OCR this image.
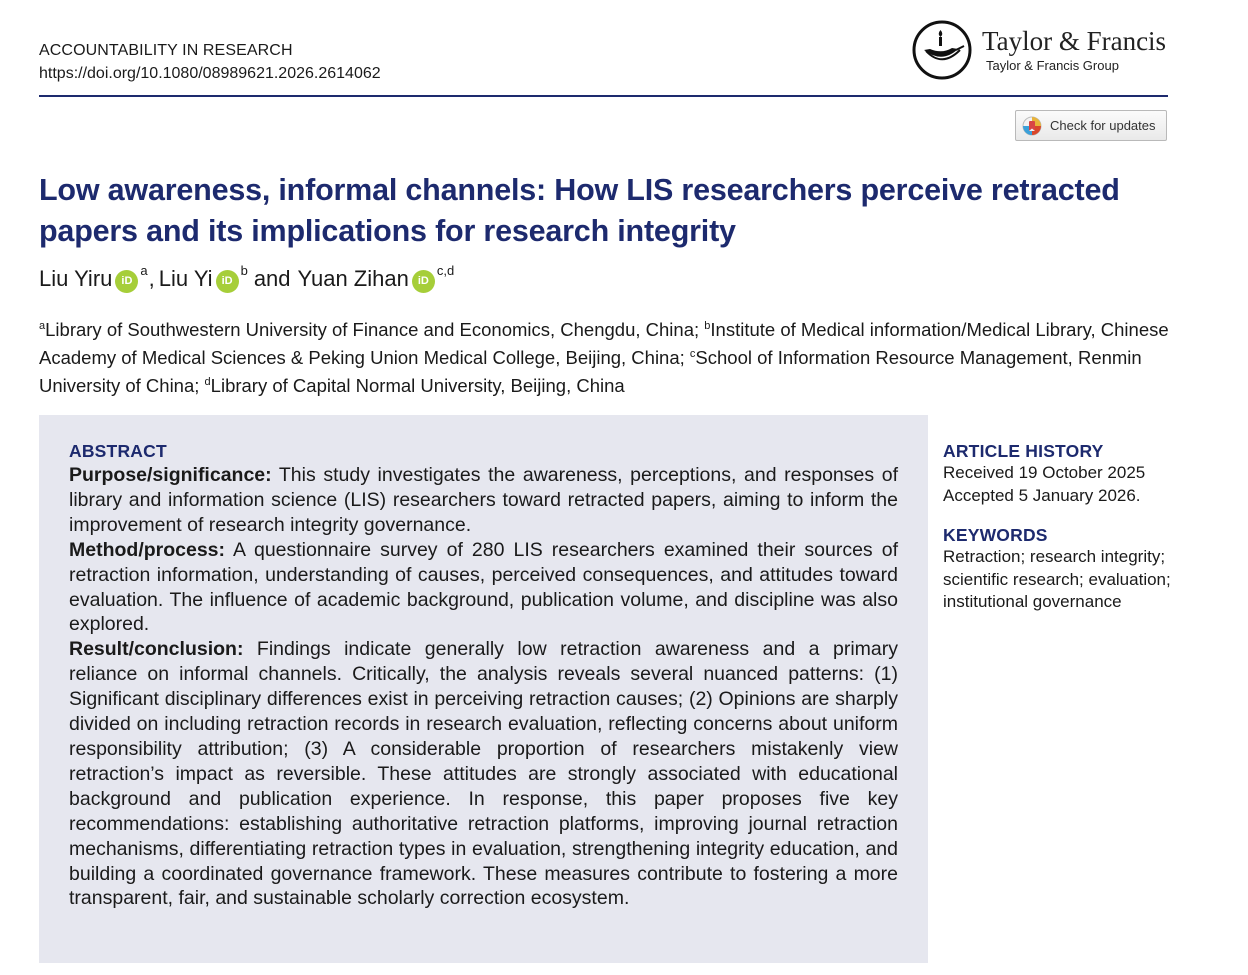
ACCOUNTABILITY IN RESEARCH
https://doi.org/10.1080/08989621.2026.2614062
Taylor & Francis
Taylor & Francis Group
Check for updates
Low awareness, informal channels: How LIS researchers perceive retracted papers and its implications for research integrity
Liu Yiru iD
a , Liu Yi iD
b and Yuan Zihan iD
c,d
$^a$Library of Southwestern University of Finance and Economics, Chengdu, China; $^b$Institute of Medical information/Medical Library, Chinese Academy of Medical Sciences & Peking Union Medical College, Beijing, China; $^c$School of Information Resource Management, Renmin University of China; $^d$Library of Capital Normal University, Beijing, China
ABSTRACT

Purpose/significance: This study investigates the awareness, perceptions, and responses of library and information science (LIS) researchers toward retracted papers, aiming to inform the improvement of research integrity governance.

Method/process: A questionnaire survey of 280 LIS researchers examined their sources of retraction information, understanding of causes, perceived consequences, and attitudes toward evaluation. The influence of academic background, publication volume, and discipline was also explored.

Result/conclusion: Findings indicate generally low retraction awareness and a primary reliance on informal channels. Critically, the analysis reveals several nuanced patterns: (1) Significant disciplinary differences exist in perceiving retraction causes; (2) Opinions are sharply divided on including retraction records in research evaluation, reflecting concerns about uniform responsibility attribution; (3) A considerable proportion of researchers mistakenly view retraction’s impact as reversible. These attitudes are strongly associated with educational background and publication experience. In response, this paper proposes five key recommendations: establishing authoritative retraction platforms, improving journal retraction mechanisms, differentiating retraction types in evaluation, strengthening integrity education, and building a coordinated governance framework. These measures contribute to fostering a more transparent, fair, and sustainable scholarly correction ecosystem.

ARTICLE HISTORY
Received 19 October 2025
Accepted 5 January 2026.
KEYWORDS
Retraction; research integrity; scientific research; evaluation; institutional governance
